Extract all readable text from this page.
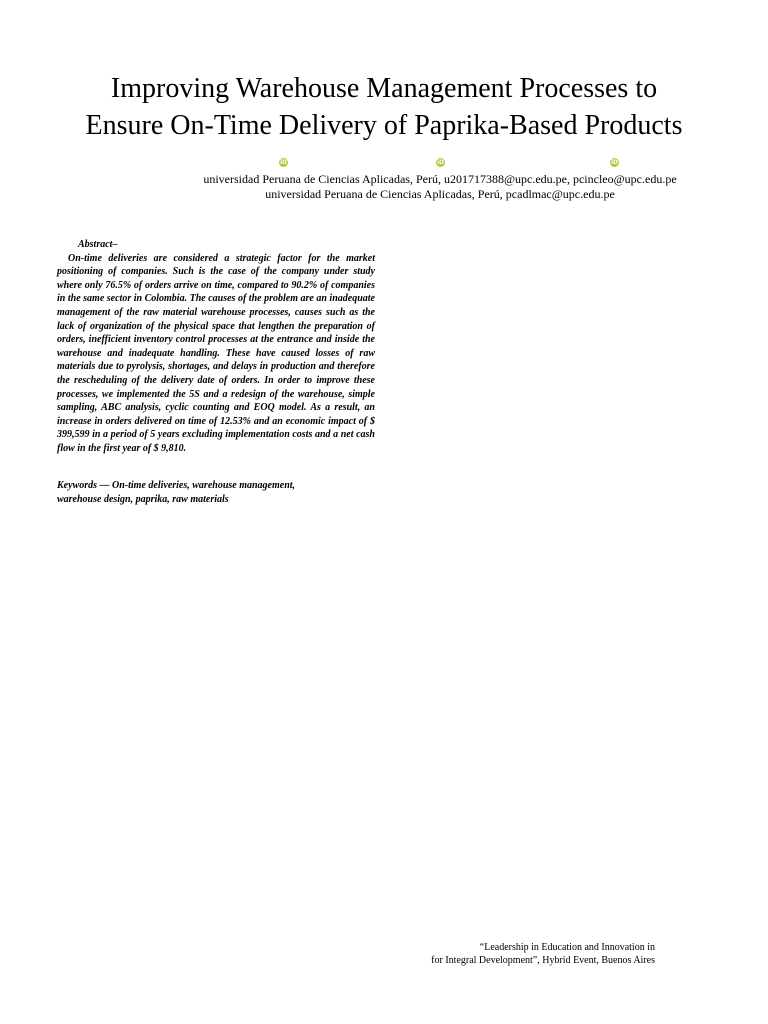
Improving Warehouse Management Processes to
Ensure On-Time Delivery of Paprika-Based Products
iD	iD	iD
universidad Peruana de Ciencias Aplicadas, Perú, u201717388@upc.edu.pe, pcincleo@upc.edu.pe
universidad Peruana de Ciencias Aplicadas, Perú, pcadlmac@upc.edu.pe
Abstract–

On-time deliveries are considered a strategic factor for the market positioning of companies. Such is the case of the company under study where only 76.5% of orders arrive on time, compared to 90.2% of companies in the same sector in Colombia. The causes of the problem are an inadequate management of the raw material warehouse processes, causes such as the lack of organization of the physical space that lengthen the preparation of orders, inefficient inventory control processes at the entrance and inside the warehouse and inadequate handling. These have caused losses of raw materials due to pyrolysis, shortages, and delays in production and therefore the rescheduling of the delivery date of orders. In order to improve these processes, we implemented the 5S and a redesign of the warehouse, simple sampling, ABC analysis, cyclic counting and EOQ model. As a result, an increase in orders delivered on time of 12.53% and an economic impact of $ 399,599 in a period of 5 years excluding implementation costs and a net cash flow in the first year of $ 9,810.

Keywords — On-time deliveries, warehouse management,
warehouse design, paprika, raw materials
“Leadership in Education and Innovation in
for Integral Development”, Hybrid Event, Buenos Aires
